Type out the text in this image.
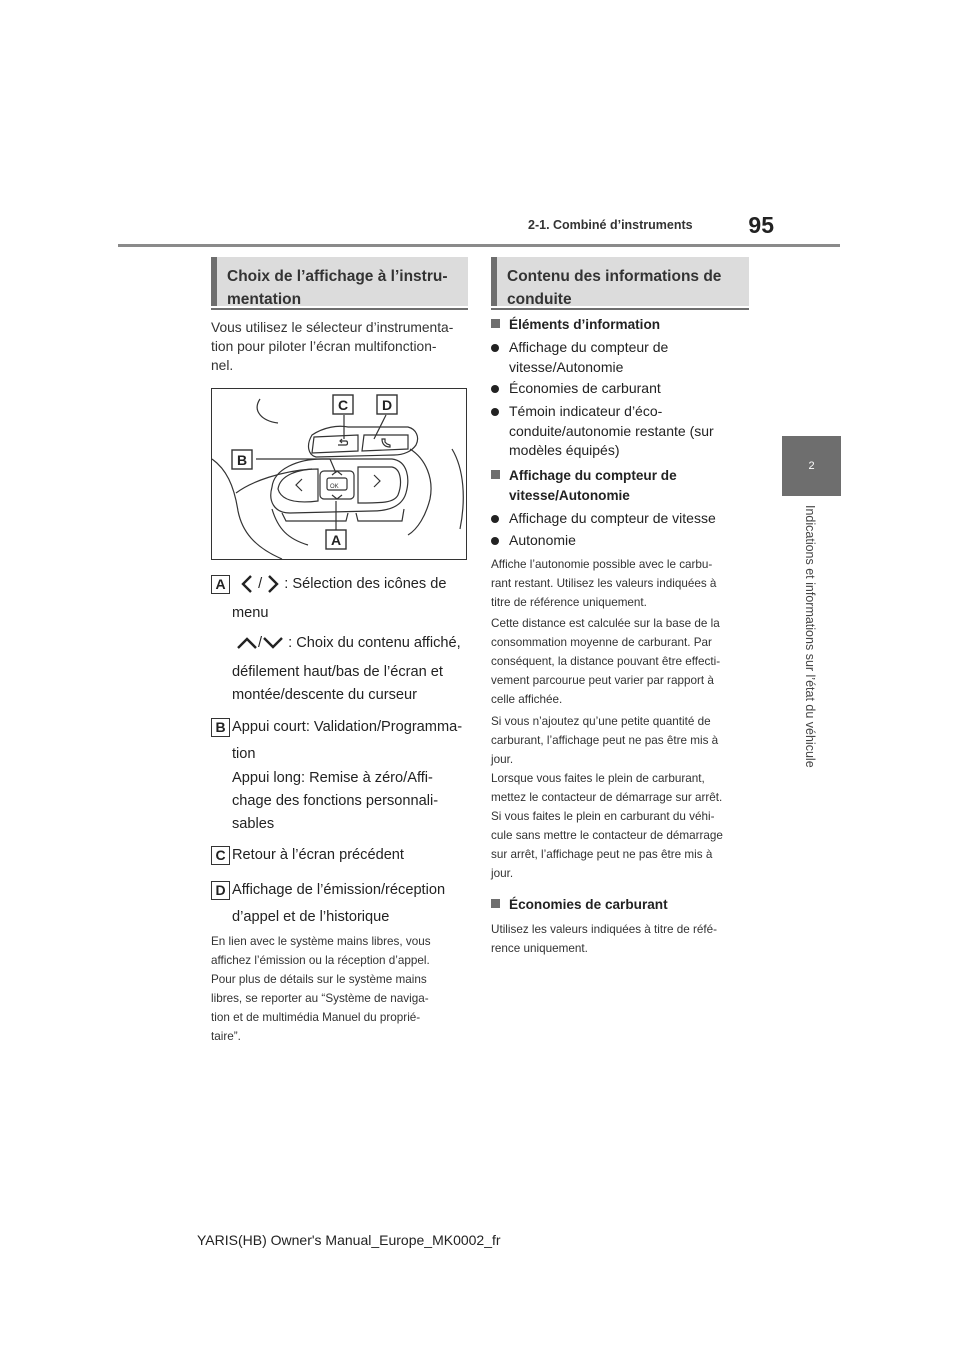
2-1. Combiné d’instruments	95
2
Indications et informations sur l’état du véhicule
Choix de l’affichage à l’instru-
mentation
Vous utilisez le sélecteur d’instrumenta-
tion pour piloter l’écran multifonction-
nel.
OK
C D
B
A
A	/ : Sélection des icônes de
menu
/ : Choix du contenu affiché,
défilement haut/bas de l’écran et
montée/descente du curseur
B Appui court: Validation/Programma-
tion
Appui long: Remise à zéro/Affi-
chage des fonctions personnali-
sables
C Retour à l’écran précédent
D Affichage de l’émission/réception
d’appel et de l’historique
En lien avec le système mains libres, vous
affichez l’émission ou la réception d’appel.
Pour plus de détails sur le système mains
libres, se reporter au “Système de naviga-
tion et de multimédia Manuel du proprié-
taire”.
Contenu des informations de
conduite
Éléments d’information
Affichage du compteur de
vitesse/Autonomie
Économies de carburant
Témoin indicateur d’éco-
conduite/autonomie restante (sur
modèles équipés)
Affichage du compteur de
vitesse/Autonomie
Affichage du compteur de vitesse
Autonomie
Affiche l’autonomie possible avec le carbu-
rant restant. Utilisez les valeurs indiquées à
titre de référence uniquement.
Cette distance est calculée sur la base de la
consommation moyenne de carburant. Par
conséquent, la distance pouvant être effecti-
vement parcourue peut varier par rapport à
celle affichée.
Si vous n’ajoutez qu’une petite quantité de
carburant, l’affichage peut ne pas être mis à
jour.
Lorsque vous faites le plein de carburant,
mettez le contacteur de démarrage sur arrêt.
Si vous faites le plein en carburant du véhi-
cule sans mettre le contacteur de démarrage
sur arrêt, l’affichage peut ne pas être mis à
jour.
Économies de carburant
Utilisez les valeurs indiquées à titre de réfé-
rence uniquement.
YARIS(HB) Owner's Manual_Europe_MK0002_fr
